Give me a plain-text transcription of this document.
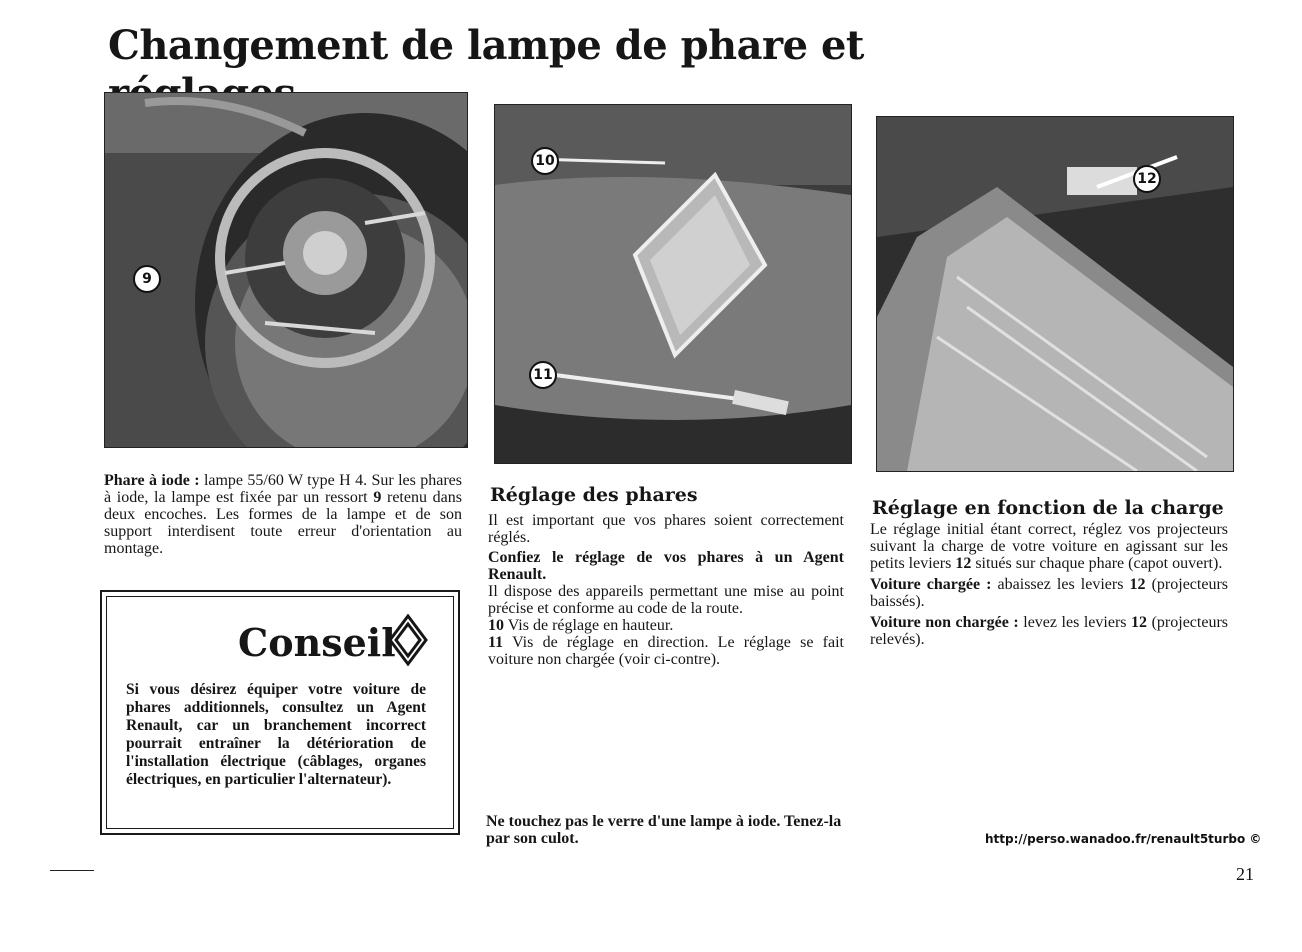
Changement de lampe de phare et
9
10
11
12
Phare à iode : lampe 55/60 W type H 4. Sur les phares à iode, la lampe est fixée par un ressort 9 retenu dans deux encoches. Les formes de la lampe et de son support interdisent toute erreur d'orientation au montage.
Conseil
Si vous désirez équiper votre voiture de phares additionnels, consultez un Agent Renault, car un branchement incorrect pourrait entraîner la détérioration de l'installation électrique (câblages, organes électriques, en particulier l'alternateur).
Réglage des phares
Il est important que vos phares soient correctement réglés.
Confiez le réglage de vos phares à un Agent Renault.
Il dispose des appareils permettant une mise au point précise et conforme au code de la route.
10 Vis de réglage en hauteur.
11 Vis de réglage en direction. Le réglage se fait voiture non chargée (voir ci-contre).
Ne touchez pas le verre d'une lampe à iode. Tenez-la par son culot.
Réglage en fonction de la charge
Le réglage initial étant correct, réglez vos projecteurs suivant la charge de votre voiture en agissant sur les petits leviers 12 situés sur chaque phare (capot ouvert).
Voiture chargée : abaissez les leviers 12 (projecteurs baissés).
Voiture non chargée : levez les leviers 12 (projecteurs relevés).
http://perso.wanadoo.fr/renault5turbo ©
21
